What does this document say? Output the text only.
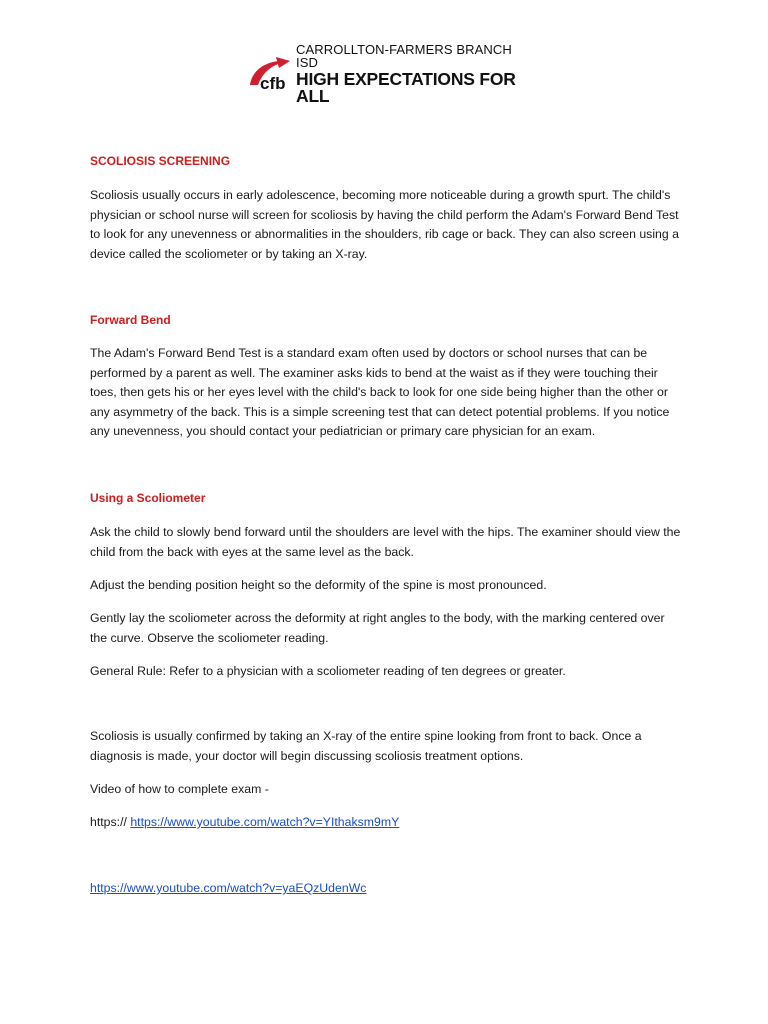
cfb
CARROLLTON-FARMERS BRANCH ISD
HIGH EXPECTATIONS FOR ALL
SCOLIOSIS SCREENING

Scoliosis usually occurs in early adolescence, becoming more noticeable during a growth spurt. The child's physician or school nurse will screen for scoliosis by having the child perform the Adam's Forward Bend Test to look for any unevenness or abnormalities in the shoulders, rib cage or back. They can also screen using a device called the scoliometer or by taking an X-ray.

Forward Bend

The Adam's Forward Bend Test is a standard exam often used by doctors or school nurses that can be performed by a parent as well. The examiner asks kids to bend at the waist as if they were touching their toes, then gets his or her eyes level with the child's back to look for one side being higher than the other or any asymmetry of the back. This is a simple screening test that can detect potential problems. If you notice any unevenness, you should contact your pediatrician or primary care physician for an exam.

Using a Scoliometer

Ask the child to slowly bend forward until the shoulders are level with the hips. The examiner should view the child from the back with eyes at the same level as the back.

Adjust the bending position height so the deformity of the spine is most pronounced.

Gently lay the scoliometer across the deformity at right angles to the body, with the marking centered over the curve. Observe the scoliometer reading.

General Rule: Refer to a physician with a scoliometer reading of ten degrees or greater.

Scoliosis is usually confirmed by taking an X-ray of the entire spine looking from front to back. Once a diagnosis is made, your doctor will begin discussing scoliosis treatment options.

Video of how to complete exam -

https:// https://www.youtube.com/watch?v=YIthaksm9mY

https://www.youtube.com/watch?v=yaEQzUdenWc
